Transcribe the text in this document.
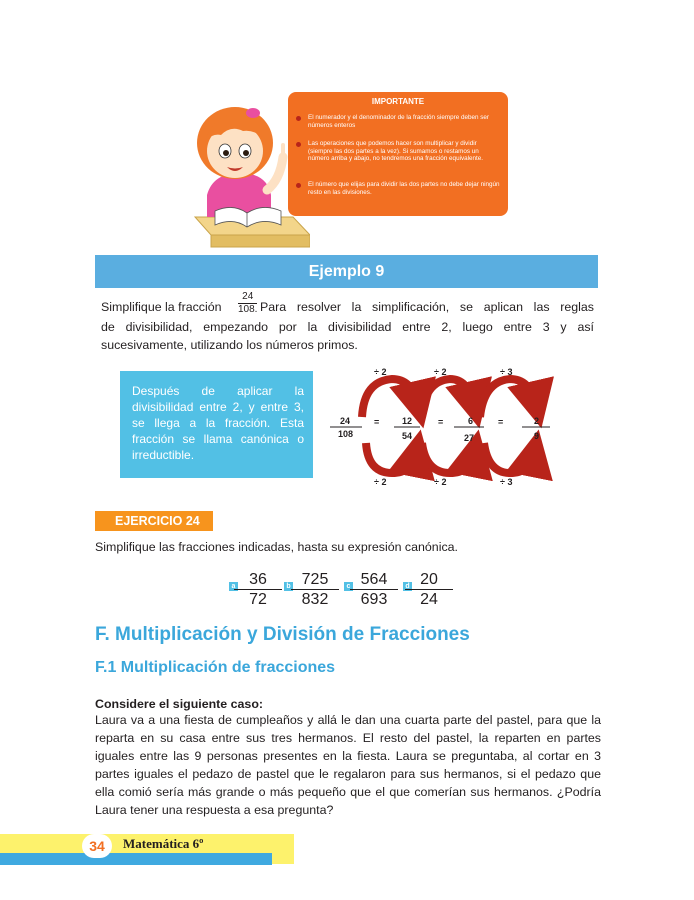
IMPORTANTE
El numerador y el denominador de la fracción siempre deben ser números enteros
Las operaciones que podemos hacer son multiplicar y dividir (siempre las dos partes a la vez). Si sumamos o restamos un número arriba y abajo, no tendremos una fracción equivalente.
El número que elijas para dividir las dos partes no debe dejar ningún resto en las divisiones.
Ejemplo 9
Simplifique la fracción $\frac{24}{108.}$ Para resolver la simplificación, se aplican las reglas
de divisibilidad, empezando por la divisibilidad entre 2, luego entre 3 y así
sucesivamente, utilizando los números primos.
Después de aplicar la divisibilidad entre 2, y entre 3, se llega a la fracción. Esta fracción se llama canónica o irreductible.
÷ 2	÷ 2	÷ 3
÷ 2	÷ 2	÷ 3
24
108
=	12
54
=	6
27
=	2
9
EJERCICIO 24
Simplifique las fracciones indicadas, hasta su expresión canónica.
a
$\frac{36}{72}$ b $\frac{725}{832}$	c $\frac{564}{693}$	d
$\frac{20}{24}$
F. Multiplicación y División de Fracciones
F.1 Multiplicación de fracciones
Considere el siguiente caso:
Laura va a una fiesta de cumpleaños y allá le dan una cuarta parte del pastel, para que la reparta en su casa entre sus tres hermanos. El resto del pastel, la reparten en partes iguales entre las 9 personas presentes en la fiesta. Laura se preguntaba, al cortar en 3 partes iguales el pedazo de pastel que le regalaron para sus hermanos, si el pedazo que ella comió sería más grande o más pequeño que el que comerían sus hermanos. ¿Podría Laura tener una respuesta a esa pregunta?
34	Matemática 6º
